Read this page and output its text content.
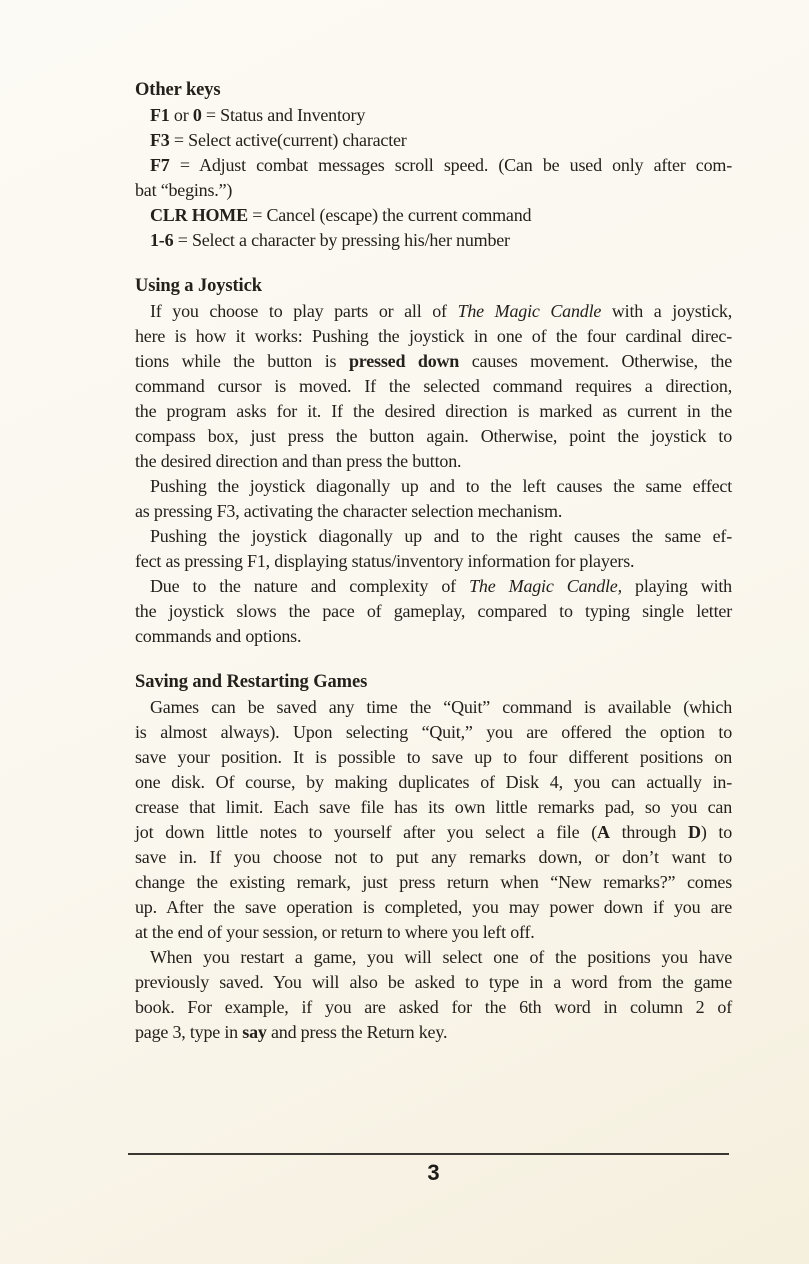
Other keys
F1 or 0 = Status and Inventory
F3 = Select active(current) character
F7 = Adjust combat messages scroll speed. (Can be used only after com-
bat “begins.”)
CLR HOME = Cancel (escape) the current command
1-6 = Select a character by pressing his/her number
Using a Joystick
If you choose to play parts or all of The Magic Candle with a joystick,
here is how it works: Pushing the joystick in one of the four cardinal direc-
tions while the button is pressed down causes movement. Otherwise, the
command cursor is moved. If the selected command requires a direction,
the program asks for it. If the desired direction is marked as current in the
compass box, just press the button again. Otherwise, point the joystick to
the desired direction and than press the button.
Pushing the joystick diagonally up and to the left causes the same effect
as pressing F3, activating the character selection mechanism.
Pushing the joystick diagonally up and to the right causes the same ef-
fect as pressing F1, displaying status/inventory information for players.
Due to the nature and complexity of The Magic Candle, playing with
the joystick slows the pace of gameplay, compared to typing single letter
commands and options.
Saving and Restarting Games
Games can be saved any time the “Quit” command is available (which
is almost always). Upon selecting “Quit,” you are offered the option to
save your position. It is possible to save up to four different positions on
one disk. Of course, by making duplicates of Disk 4, you can actually in-
crease that limit. Each save file has its own little remarks pad, so you can
jot down little notes to yourself after you select a file (A through D) to
save in. If you choose not to put any remarks down, or don’t want to
change the existing remark, just press return when “New remarks?” comes
up. After the save operation is completed, you may power down if you are
at the end of your session, or return to where you left off.
When you restart a game, you will select one of the positions you have
previously saved. You will also be asked to type in a word from the game
book. For example, if you are asked for the 6th word in column 2 of
page 3, type in say and press the Return key.
3
